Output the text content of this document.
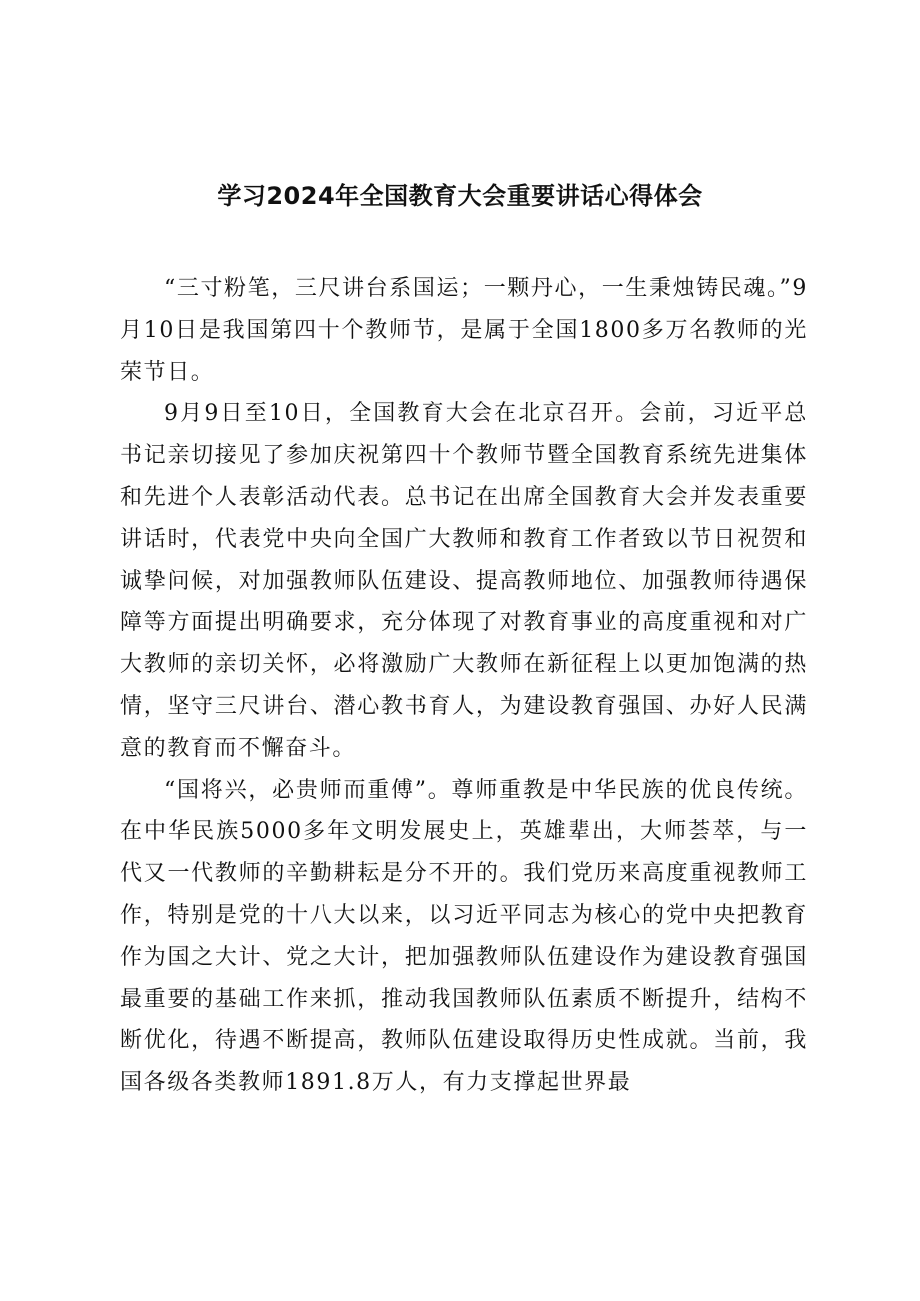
学习2024年全国教育大会重要讲话心得体会

“三寸粉笔，三尺讲台系国运；一颗丹心，一生秉烛铸民魂。”9月10日是我国第四十个教师节，是属于全国1800多万名教师的光荣节日。

9月9日至10日，全国教育大会在北京召开。会前，习近平总书记亲切接见了参加庆祝第四十个教师节暨全国教育系统先进集体和先进个人表彰活动代表。总书记在出席全国教育大会并发表重要讲话时，代表党中央向全国广大教师和教育工作者致以节日祝贺和诚挚问候，对加强教师队伍建设、提高教师地位、加强教师待遇保障等方面提出明确要求，充分体现了对教育事业的高度重视和对广大教师的亲切关怀，必将激励广大教师在新征程上以更加饱满的热情，坚守三尺讲台、潜心教书育人，为建设教育强国、办好人民满意的教育而不懈奋斗。

“国将兴，必贵师而重傅”。尊师重教是中华民族的优良传统。在中华民族5000多年文明发展史上，英雄辈出，大师荟萃，与一代又一代教师的辛勤耕耘是分不开的。我们党历来高度重视教师工作，特别是党的十八大以来，以习近平同志为核心的党中央把教育作为国之大计、党之大计，把加强教师队伍建设作为建设教育强国最重要的基础工作来抓，推动我国教师队伍素质不断提升，结构不断优化，待遇不断提高，教师队伍建设取得历史性成就。当前，我国各级各类教师1891.8万人，有力支撑起世界最
